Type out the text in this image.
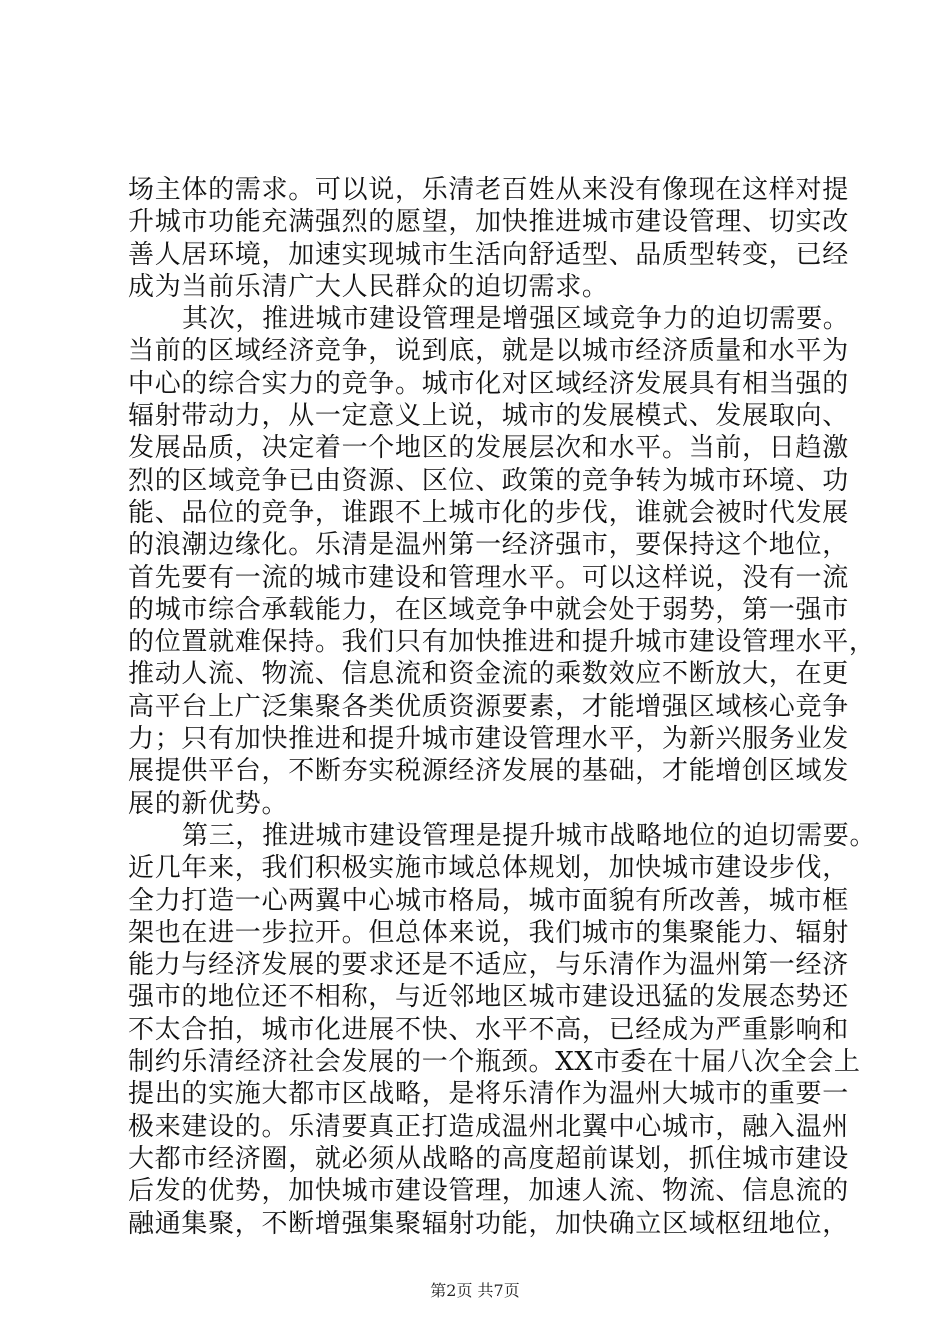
场主体的需求。可以说，乐清老百姓从来没有像现在这样对提
升城市功能充满强烈的愿望，加快推进城市建设管理、切实改
善人居环境，加速实现城市生活向舒适型、品质型转变，已经
成为当前乐清广大人民群众的迫切需求。
其次，推进城市建设管理是增强区域竞争力的迫切需要。
当前的区域经济竞争，说到底，就是以城市经济质量和水平为
中心的综合实力的竞争。城市化对区域经济发展具有相当强的
辐射带动力，从一定意义上说，城市的发展模式、发展取向、
发展品质，决定着一个地区的发展层次和水平。当前，日趋激
烈的区域竞争已由资源、区位、政策的竞争转为城市环境、功
能、品位的竞争，谁跟不上城市化的步伐，谁就会被时代发展
的浪潮边缘化。乐清是温州第一经济强市，要保持这个地位，
首先要有一流的城市建设和管理水平。可以这样说，没有一流
的城市综合承载能力，在区域竞争中就会处于弱势，第一强市
的位置就难保持。我们只有加快推进和提升城市建设管理水平，
推动人流、物流、信息流和资金流的乘数效应不断放大，在更
高平台上广泛集聚各类优质资源要素，才能增强区域核心竞争
力；只有加快推进和提升城市建设管理水平，为新兴服务业发
展提供平台，不断夯实税源经济发展的基础，才能增创区域发
展的新优势。
第三，推进城市建设管理是提升城市战略地位的迫切需要。
近几年来，我们积极实施市域总体规划，加快城市建设步伐，
全力打造一心两翼中心城市格局，城市面貌有所改善，城市框
架也在进一步拉开。但总体来说，我们城市的集聚能力、辐射
能力与经济发展的要求还是不适应，与乐清作为温州第一经济
强市的地位还不相称，与近邻地区城市建设迅猛的发展态势还
不太合拍，城市化进展不快、水平不高，已经成为严重影响和
制约乐清经济社会发展的一个瓶颈。XX市委在十届八次全会上
提出的实施大都市区战略，是将乐清作为温州大城市的重要一
极来建设的。乐清要真正打造成温州北翼中心城市，融入温州
大都市经济圈，就必须从战略的高度超前谋划，抓住城市建设
后发的优势，加快城市建设管理，加速人流、物流、信息流的
融通集聚，不断增强集聚辐射功能，加快确立区域枢纽地位，
第2页 共7页
